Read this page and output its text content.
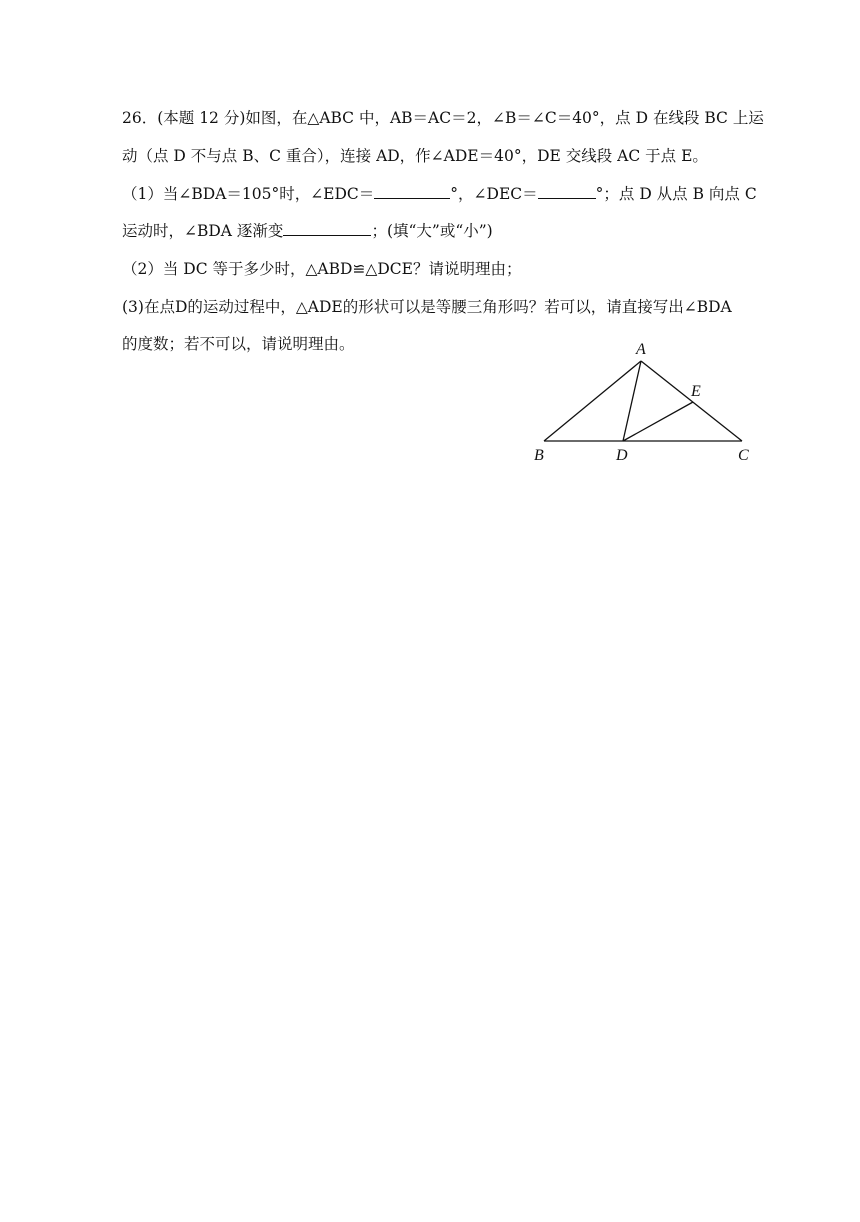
26．(本题 12 分)如图，在△ABC 中，AB＝AC＝2，∠B＝∠C＝40°，点 D 在线段 BC 上运
动（点 D 不与点 B、C 重合），连接 AD，作∠ADE＝40°，DE 交线段 AC 于点 E。
（1）当∠BDA＝105°时，∠EDC＝	°，∠DEC＝	°；点 D 从点 B 向点 C
运动时，∠BDA 逐渐变	；(填“大”或“小”)
（2）当 DC 等于多少时，△ABD≌△DCE？请说明理由；
(3)在点D的运动过程中，△ADE的形状可以是等腰三角形吗？若可以，请直接写出∠BDA
的度数；若不可以，请说明理由。	A
B	D	C
E
